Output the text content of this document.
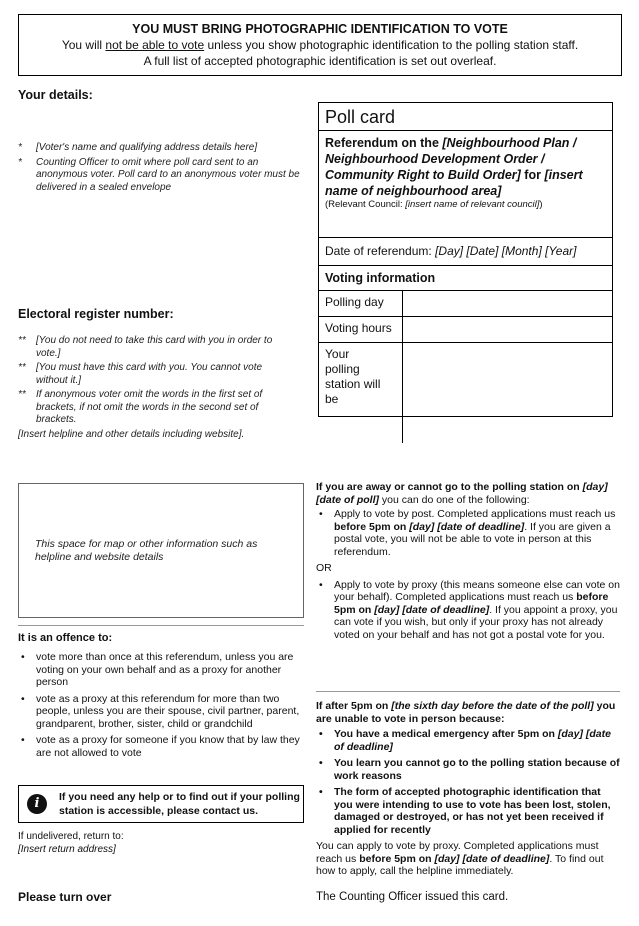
YOU MUST BRING PHOTOGRAPHIC IDENTIFICATION TO VOTE
You will not be able to vote unless you show photographic identification to the polling station staff.
A full list of accepted photographic identification is set out overleaf.
Your details:

* [Voter's name and qualifying address details here]

* Counting Officer to omit where poll card sent to an anonymous voter. Poll card to an anonymous voter must be delivered in a sealed envelope

Electoral register number:

** [You do not need to take this card with you in order to vote.]

** [You must have this card with you. You cannot vote without it.]

** If anonymous voter omit the words in the first set of brackets, if not omit the words in the second set of brackets.

[Insert helpline and other details including website].

Poll card
Referendum on the [Neighbourhood Plan / Neighbourhood Development Order / Community Right to Build Order] for [insert name of neighbourhood area]
(Relevant Council: [insert name of relevant council])
Date of referendum: [Day] [Date] [Month] [Year]
Voting information
Polling day
Voting hours
Your polling station will be

This space for map or other information such as helpline and website details

It is an offence to:

• vote more than once at this referendum, unless you are voting on your own behalf and as a proxy for another person

• vote as a proxy at this referendum for more than two people, unless you are their spouse, civil partner, parent, grandparent, brother, sister, child or grandchild

• vote as a proxy for someone if you know that by law they are not allowed to vote

i	If you need any help or to find out if your polling station is accessible, please contact us.
If undelivered, return to:
[Insert return address]
Please turn over

If you are away or cannot go to the polling station on [day] [date of poll] you can do one of the following:

• Apply to vote by post. Completed applications must reach us before 5pm on [day] [date of deadline]. If you are given a postal vote, you will not be able to vote in person at this referendum.

OR

• Apply to vote by proxy (this means someone else can vote on your behalf). Completed applications must reach us before 5pm on [day] [date of deadline]. If you appoint a proxy, you can vote if you wish, but only if your proxy has not already voted on your behalf and has not got a postal vote for you.

If after 5pm on [the sixth day before the date of the poll] you are unable to vote in person because:

• You have a medical emergency after 5pm on [day] [date of deadline]

• You learn you cannot go to the polling station because of work reasons

• The form of accepted photographic identification that you were intending to use to vote has been lost, stolen, damaged or destroyed, or has not yet been received if applied for recently

You can apply to vote by proxy. Completed applications must reach us before 5pm on [day] [date of deadline]. To find out how to apply, call the helpline immediately.

The Counting Officer issued this card.
